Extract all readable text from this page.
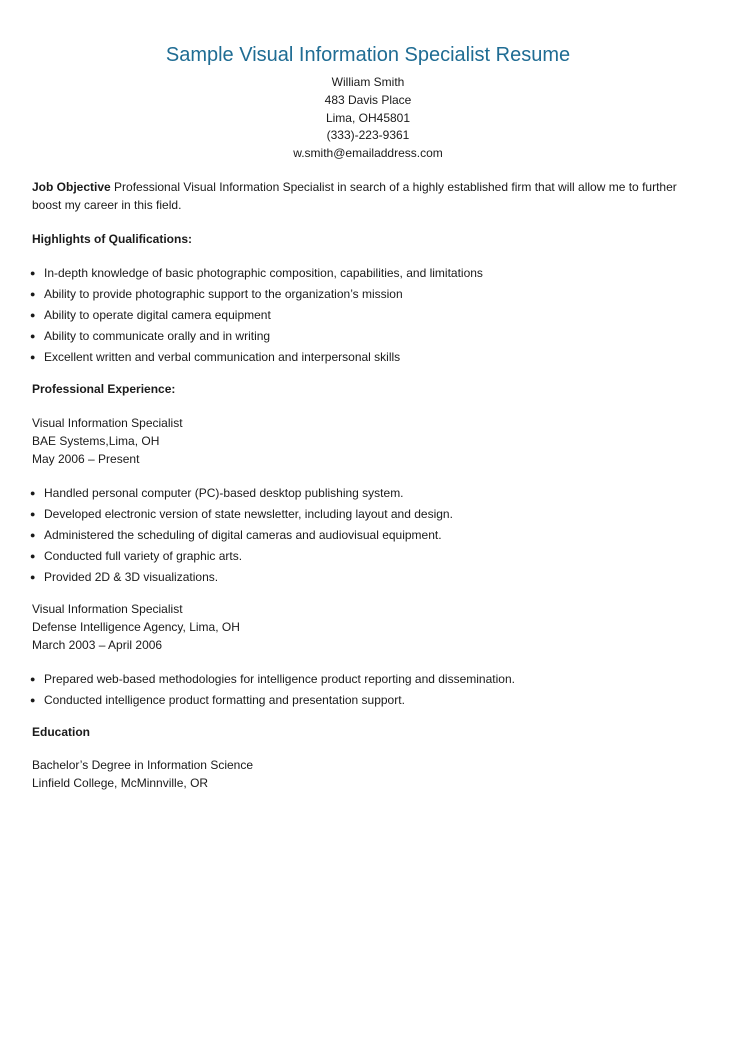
Sample Visual Information Specialist Resume
William Smith
483 Davis Place
Lima, OH45801
(333)-223-9361
w.smith@emailaddress.com

Job Objective Professional Visual Information Specialist in search of a highly established firm that will allow me to further boost my career in this field.

Highlights of Qualifications:
● In-depth knowledge of basic photographic composition, capabilities, and limitations
● Ability to provide photographic support to the organization’s mission
● Ability to operate digital camera equipment
● Ability to communicate orally and in writing
● Excellent written and verbal communication and interpersonal skills
Professional Experience:
Visual Information Specialist
BAE Systems,Lima, OH
May 2006 – Present
● Handled personal computer (PC)-based desktop publishing system.
● Developed electronic version of state newsletter, including layout and design.
● Administered the scheduling of digital cameras and audiovisual equipment.
● Conducted full variety of graphic arts.
● Provided 2D & 3D visualizations.
Visual Information Specialist
Defense Intelligence Agency, Lima, OH
March 2003 – April 2006
● Prepared web-based methodologies for intelligence product reporting and dissemination.
● Conducted intelligence product formatting and presentation support.
Education
Bachelor’s Degree in Information Science
Linfield College, McMinnville, OR
